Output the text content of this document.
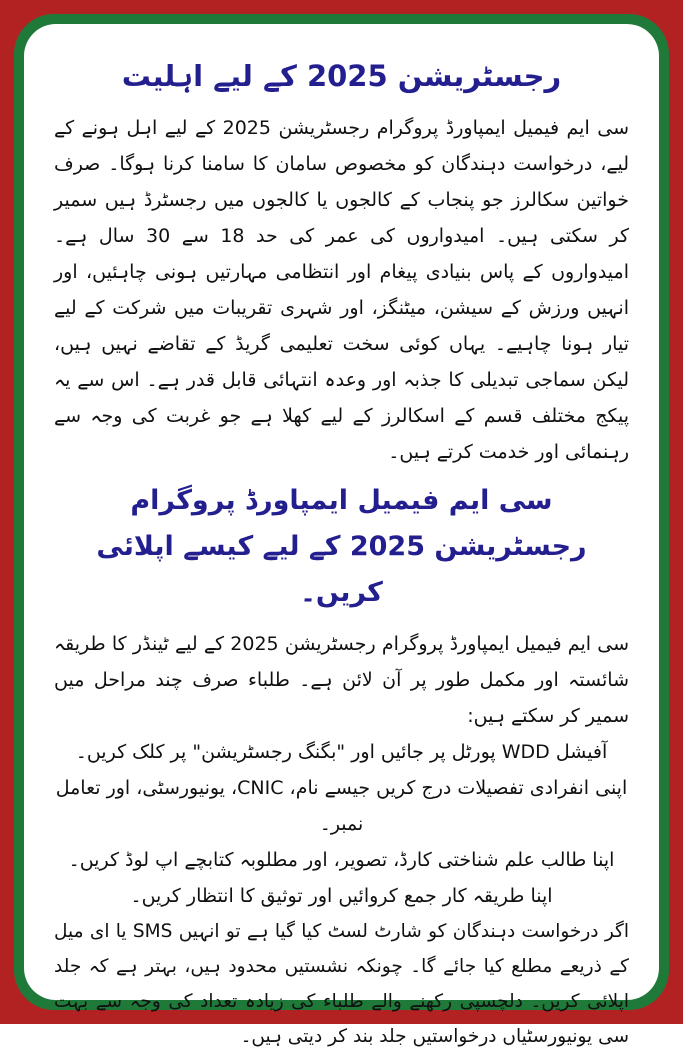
رجسٹریشن 2025 کے لیے اہلیت

سی ایم فیمیل ایمپاورڈ پروگرام رجسٹریشن 2025 کے لیے اہل ہونے کے لیے، درخواست دہندگان کو مخصوص سامان کا سامنا کرنا ہوگا۔ صرف خواتین سکالرز جو پنجاب کے کالجوں یا کالجوں میں رجسٹرڈ ہیں سمیر کر سکتی ہیں۔ امیدواروں کی عمر کی حد 18 سے 30 سال ہے۔ امیدواروں کے پاس بنیادی پیغام اور انتظامی مہارتیں ہونی چاہئیں، اور انہیں ورزش کے سیشن، میٹنگز، اور شہری تقریبات میں شرکت کے لیے تیار ہونا چاہیے۔ یہاں کوئی سخت تعلیمی گریڈ کے تقاضے نہیں ہیں، لیکن سماجی تبدیلی کا جذبہ اور وعدہ انتہائی قابل قدر ہے۔ اس سے یہ پیکج مختلف قسم کے اسکالرز کے لیے کھلا ہے جو غربت کی وجہ سے رہنمائی اور خدمت کرتے ہیں۔

سی ایم فیمیل ایمپاورڈ پروگرام رجسٹریشن 2025 کے لیے کیسے اپلائی کریں۔

سی ایم فیمیل ایمپاورڈ پروگرام رجسٹریشن 2025 کے لیے ٹینڈر کا طریقہ شائستہ اور مکمل طور پر آن لائن ہے۔ طلباء صرف چند مراحل میں سمیر کر سکتے ہیں:

آفیشل WDD پورٹل پر جائیں اور "بگنگ رجسٹریشن" پر کلک کریں۔
اپنی انفرادی تفصیلات درج کریں جیسے نام، CNIC، یونیورسٹی، اور تعامل نمبر۔
اپنا طالب علم شناختی کارڈ، تصویر، اور مطلوبہ کتابچے اپ لوڈ کریں۔
اپنا طریقہ کار جمع کروائیں اور توثیق کا انتظار کریں۔

اگر درخواست دہندگان کو شارٹ لسٹ کیا گیا ہے تو انہیں SMS یا ای میل کے ذریعے مطلع کیا جائے گا۔ چونکہ نشستیں محدود ہیں، بہتر ہے کہ جلد اپلائی کریں۔ دلچسپی رکھنے والے طلباء کی زیادہ تعداد کی وجہ سے بہت سی یونیورسٹیاں درخواستیں جلد بند کر دیتی ہیں۔
